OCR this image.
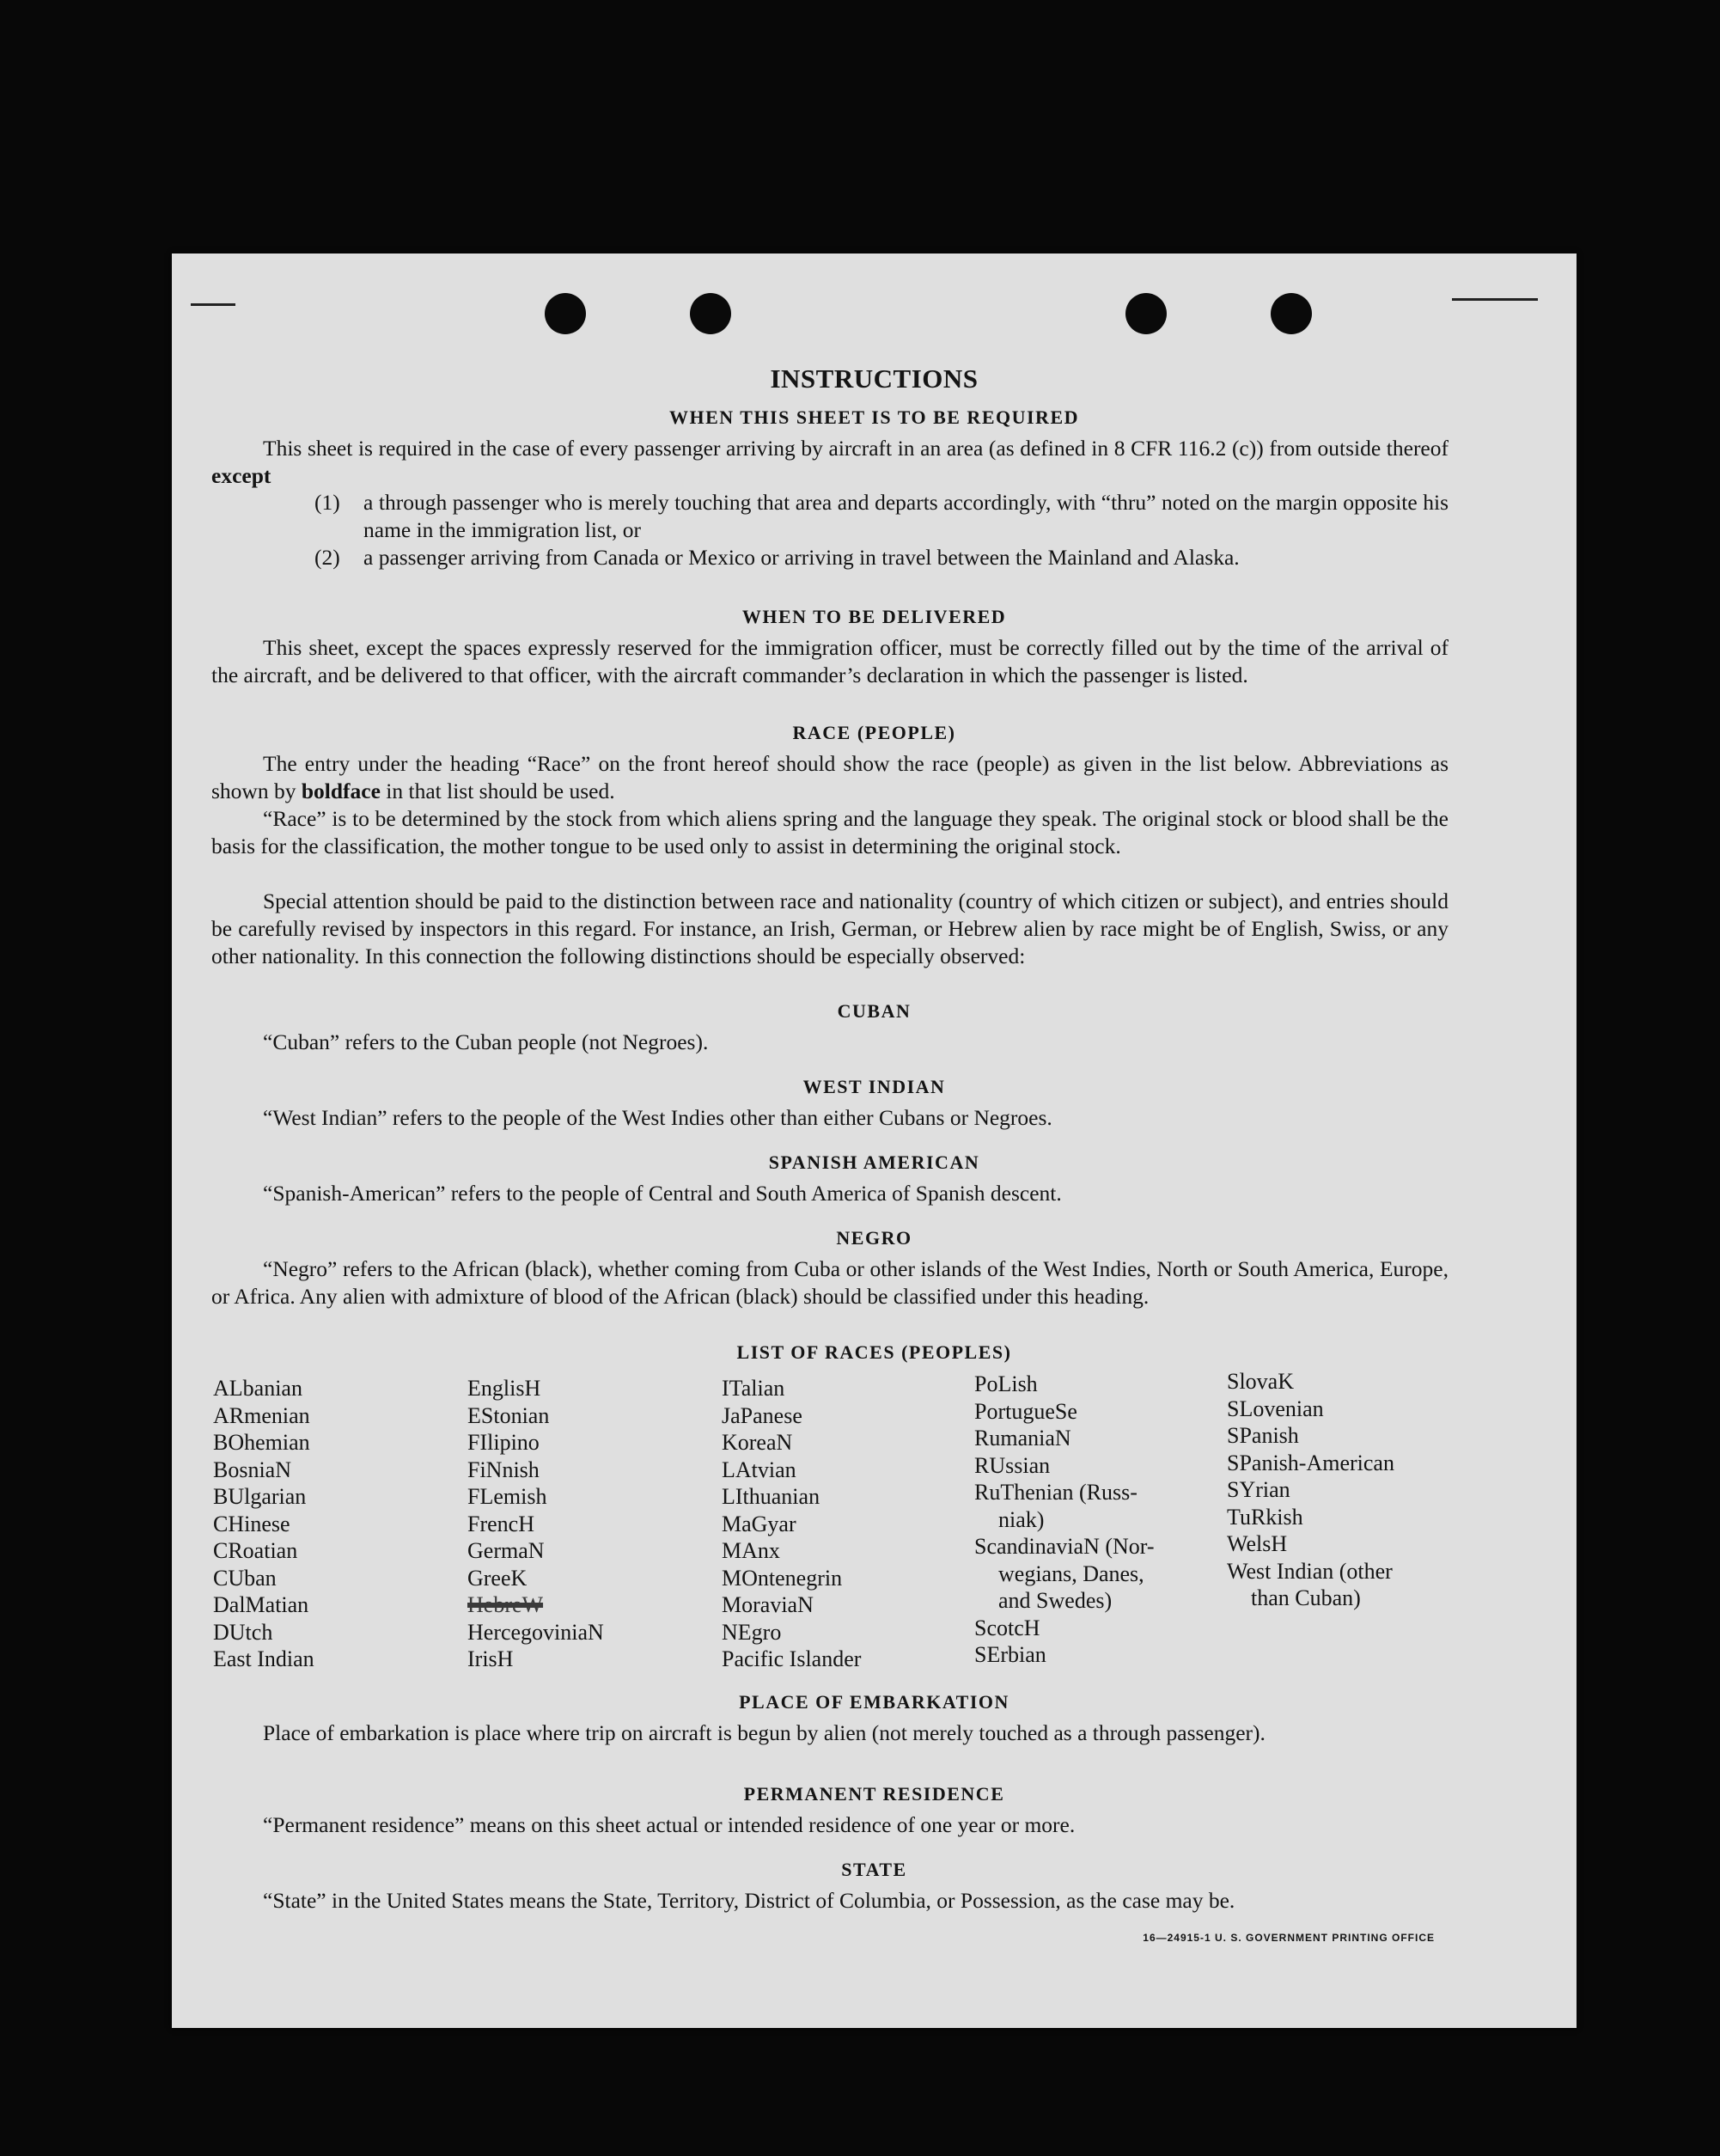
INSTRUCTIONS
WHEN THIS SHEET IS TO BE REQUIRED
This sheet is required in the case of every passenger arriving by aircraft in an area (as defined in 8 CFR 116.2 (c)) from outside thereof except
(1)	a through passenger who is merely touching that area and departs accordingly, with “thru” noted on the margin opposite his name in the immigration list, or
(2)	a passenger arriving from Canada or Mexico or arriving in travel between the Mainland and Alaska.
WHEN TO BE DELIVERED
This sheet, except the spaces expressly reserved for the immigration officer, must be correctly filled out by the time of the arrival of the aircraft, and be delivered to that officer, with the aircraft commander’s declaration in which the passenger is listed.
RACE (PEOPLE)
The entry under the heading “Race” on the front hereof should show the race (people) as given in the list below. Abbreviations as shown by boldface in that list should be used.
“Race” is to be determined by the stock from which aliens spring and the language they speak. The original stock or blood shall be the basis for the classification, the mother tongue to be used only to assist in determining the original stock.
Special attention should be paid to the distinction between race and nationality (country of which citizen or subject), and entries should be carefully revised by inspectors in this regard. For instance, an Irish, German, or Hebrew alien by race might be of English, Swiss, or any other nationality. In this connection the following distinctions should be especially observed:
CUBAN
“Cuban” refers to the Cuban people (not Negroes).
WEST INDIAN
“West Indian” refers to the people of the West Indies other than either Cubans or Negroes.
SPANISH AMERICAN
“Spanish-American” refers to the people of Central and South America of Spanish descent.
NEGRO
“Negro” refers to the African (black), whether coming from Cuba or other islands of the West Indies, North or South America, Europe, or Africa. Any alien with admixture of blood of the African (black) should be classified under this heading.
LIST OF RACES (PEOPLES)
ALbanian
ARmenian
BOhemian
BosniaN
BUlgarian
CHinese
CRoatian
CUban
DalMatian
DUtch
East Indian
EnglisH
EStonian
FIlipino
FiNnish
FLemish
FrencH
GermaN
GreeK
HebreW
HercegoviniaN
IrisH
ITalian
JaPanese
KoreaN
LAtvian
LIthuanian
MaGyar
MAnx
MOntenegrin
MoraviaN
NEgro
Pacific Islander
PoLish
PortugueSe
RumaniaN
RUssian
RuThenian (Russ-
niak)
ScandinaviaN (Nor-
wegians, Danes,
and Swedes)
ScotcH
SErbian
SlovaK
SLovenian
SPanish
SPanish-American
SYrian
TuRkish
WelsH
West Indian (other
than Cuban)
PLACE OF EMBARKATION
Place of embarkation is place where trip on aircraft is begun by alien (not merely touched as a through passenger).
PERMANENT RESIDENCE
“Permanent residence” means on this sheet actual or intended residence of one year or more.
STATE
“State” in the United States means the State, Territory, District of Columbia, or Possession, as the case may be.
16—24915-1 U. S. GOVERNMENT PRINTING OFFICE
